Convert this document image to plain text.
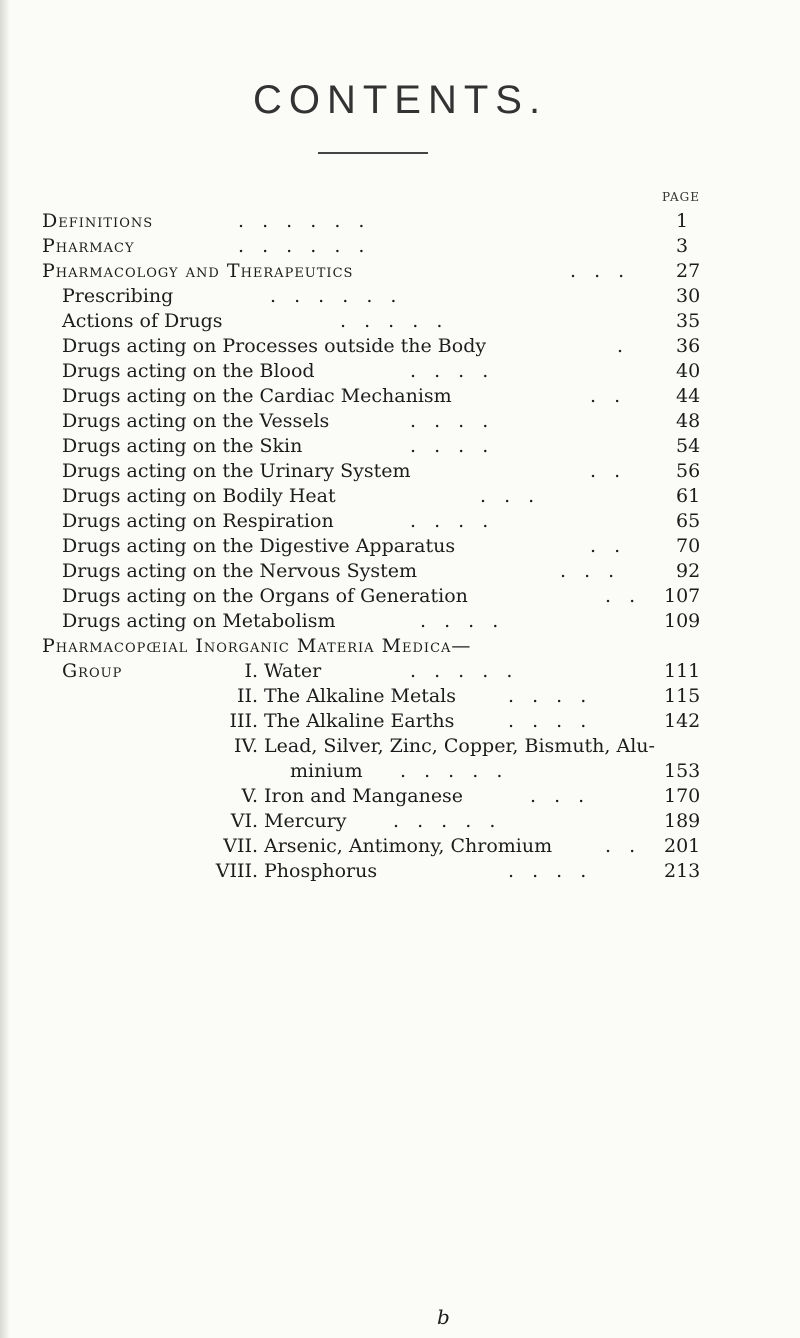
CONTENTS.
PAGE
Definitions	. . . . . .	1
Pharmacy	. . . . . .	3
Pharmacology and Therapeutics	. . . 27
Prescribing	. . . . . .	30
Actions of Drugs	. . . . .	35
Drugs acting on Processes outside the Body	. 36
Drugs acting on the Blood	. . . .	40
Drugs acting on the Cardiac Mechanism	. .	44
Drugs acting on the Vessels	. . . .	48
Drugs acting on the Skin	. . . .	54
Drugs acting on the Urinary System	. .	56
Drugs acting on Bodily Heat	. . .	61
Drugs acting on Respiration	. . . .	65
Drugs acting on the Digestive Apparatus	. .	70
Drugs acting on the Nervous System	. . .	92
Drugs acting on the Organs of Generation	. . 107
Drugs acting on Metabolism	. . . .	109
Pharmacopœial Inorganic Materia Medica—
Group	I. Water	. . . . .	111
II. The Alkaline Metals	. . . .	115
III. The Alkaline Earths	. . . .	142
IV. Lead, Silver, Zinc, Copper, Bismuth, Alu-
minium . . . . .	153
V. Iron and Manganese	. . .	170
VI. Mercury . . . . .	189
VII. Arsenic, Antimony, Chromium	. . 201
VIII. Phosphorus	. . . .	213
b
